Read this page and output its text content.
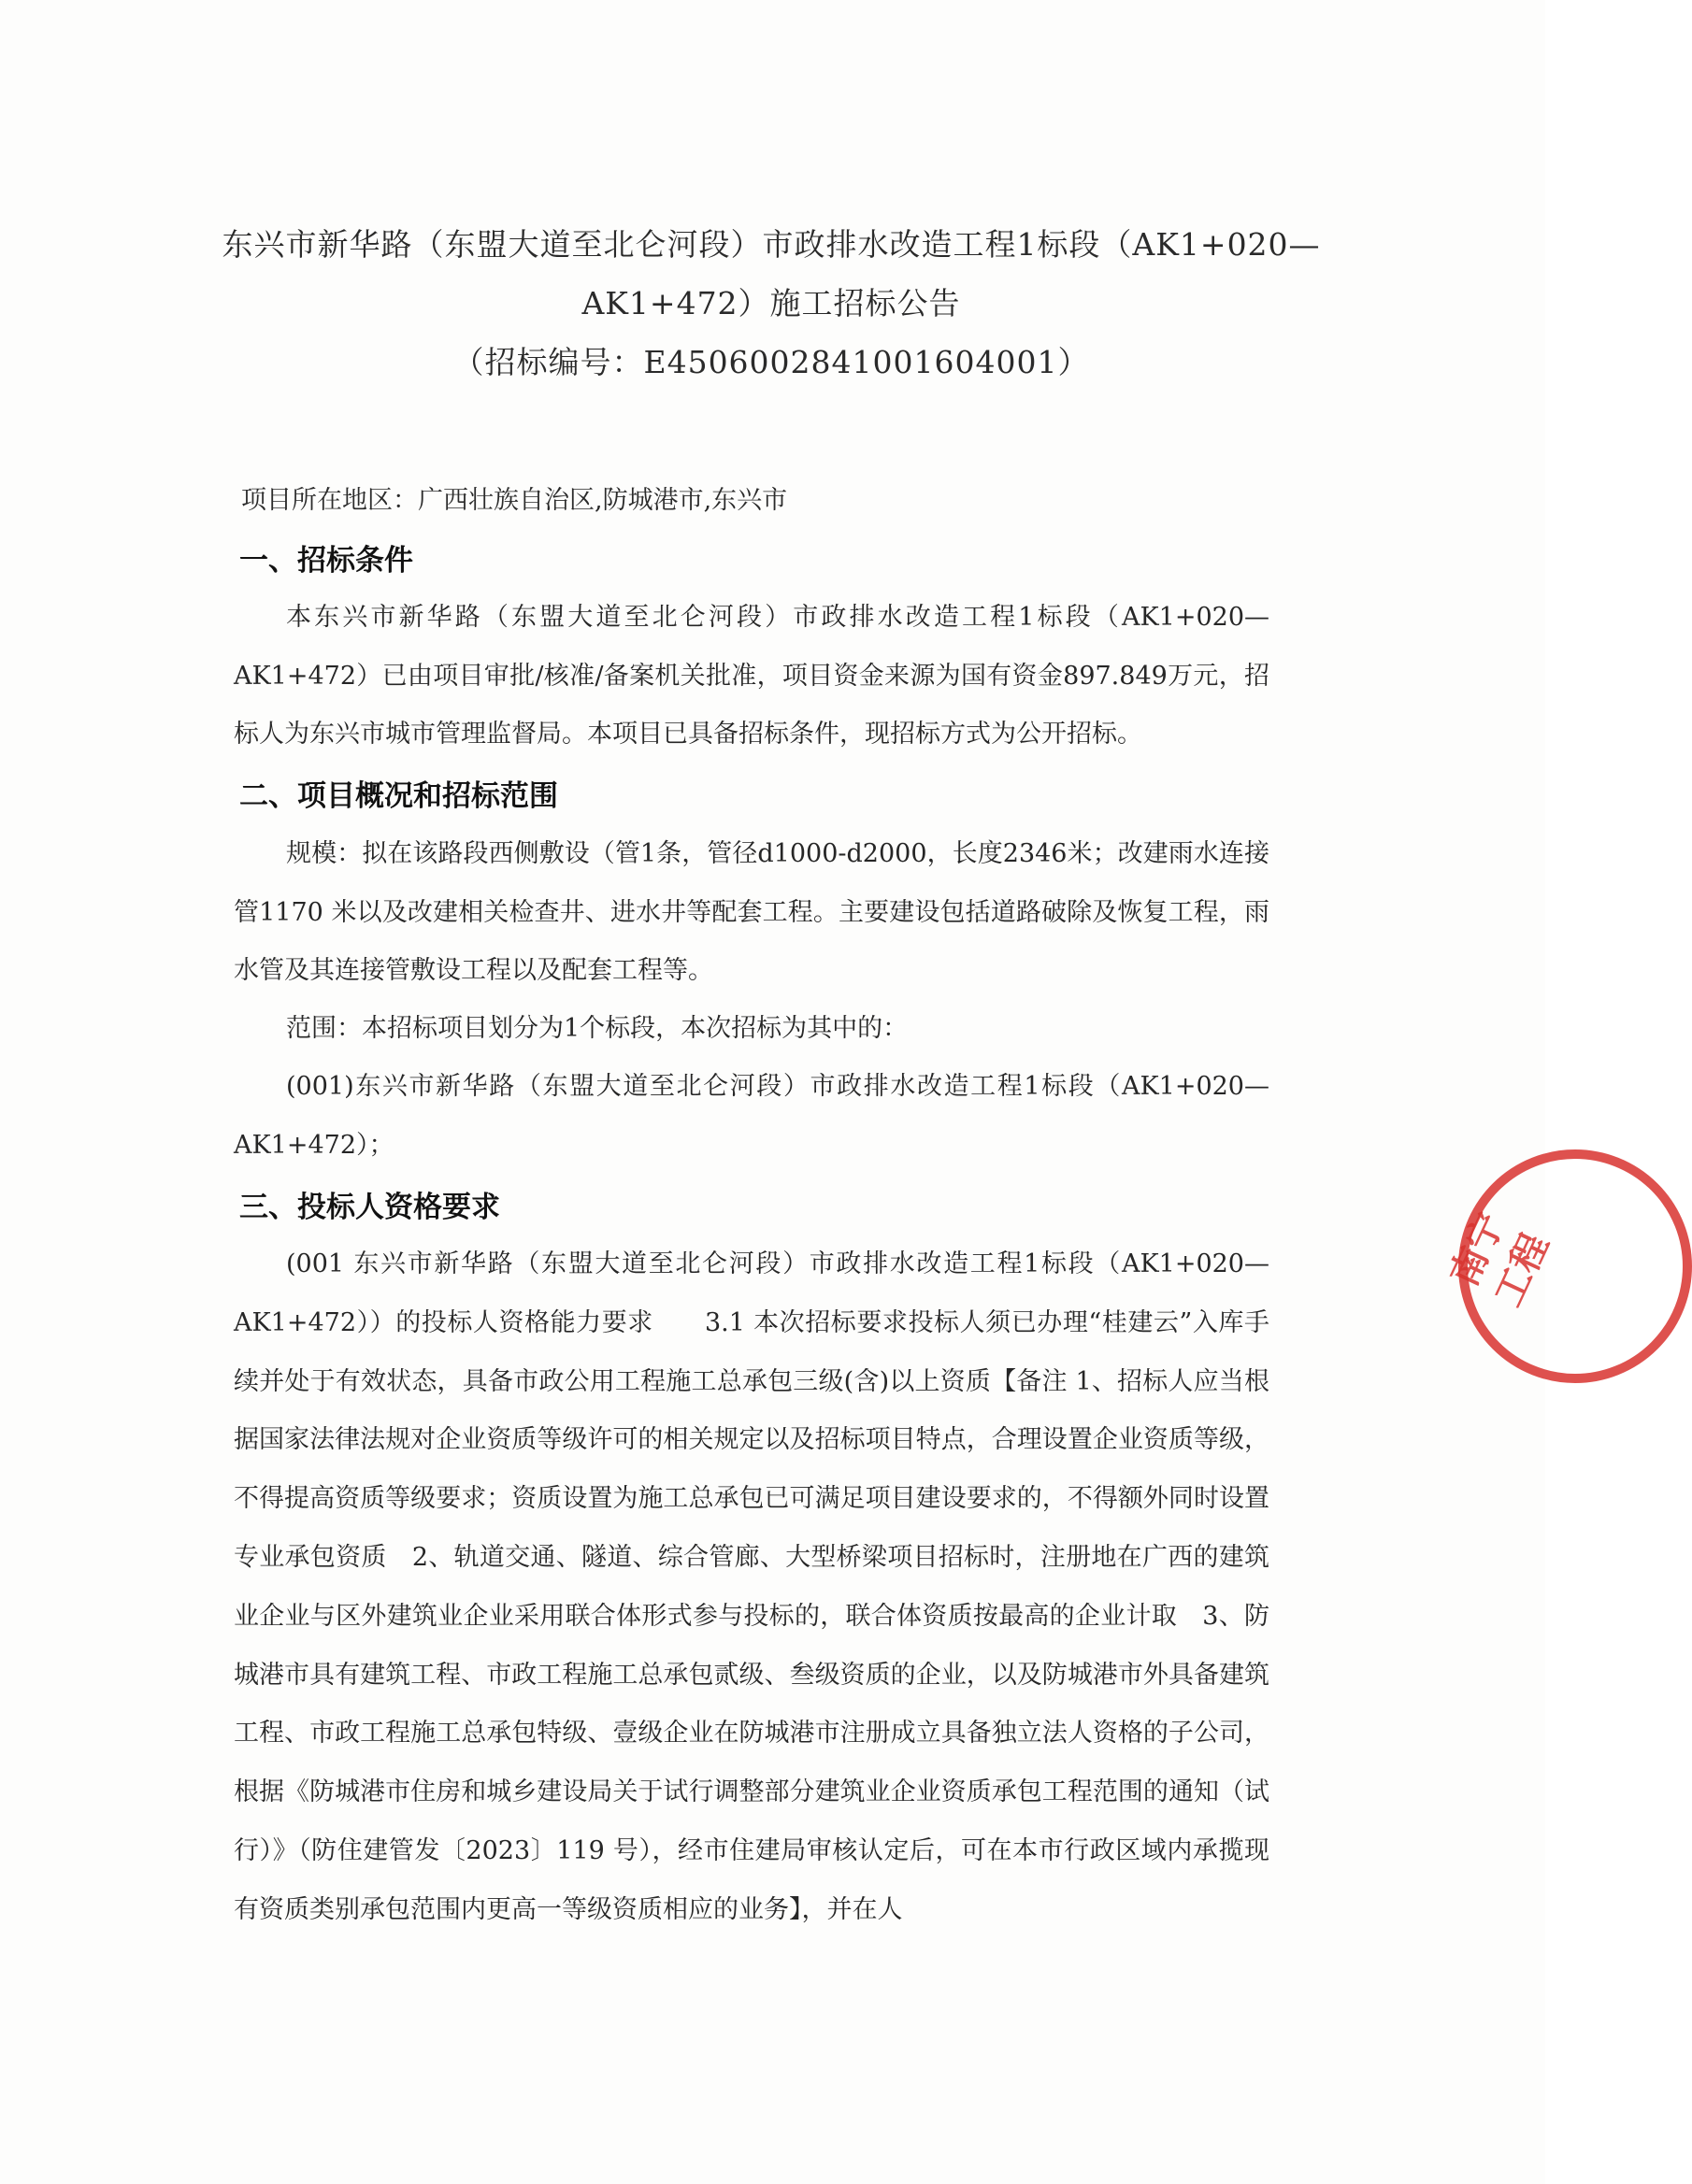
东兴市新华路（东盟大道至北仑河段）市政排水改造工程1标段（AK1+020—
AK1+472）施工招标公告
（招标编号：E4506002841001604001）
项目所在地区：广西壮族自治区,防城港市,东兴市
一、招标条件
本东兴市新华路（东盟大道至北仑河段）市政排水改造工程1标段（AK1+020—AK1+472）已由项目审批/核准/备案机关批准，项目资金来源为国有资金897.849万元，招标人为东兴市城市管理监督局。本项目已具备招标条件，现招标方式为公开招标。
二、项目概况和招标范围
规模：拟在该路段西侧敷设（管1条，管径d1000-d2000，长度2346米；改建雨水连接管1170 米以及改建相关检查井、进水井等配套工程。主要建设包括道路破除及恢复工程，雨水管及其连接管敷设工程以及配套工程等。
范围：本招标项目划分为1个标段，本次招标为其中的：
(001)东兴市新华路（东盟大道至北仑河段）市政排水改造工程1标段（AK1+020—AK1+472）；
三、投标人资格要求
(001 东兴市新华路（东盟大道至北仑河段）市政排水改造工程1标段（AK1+020—AK1+472））的投标人资格能力要求　　3.1 本次招标要求投标人须已办理“桂建云”入库手续并处于有效状态，具备市政公用工程施工总承包三级(含)以上资质【备注 1、招标人应当根据国家法律法规对企业资质等级许可的相关规定以及招标项目特点，合理设置企业资质等级，不得提高资质等级要求；资质设置为施工总承包已可满足项目建设要求的，不得额外同时设置专业承包资质　2、轨道交通、隧道、综合管廊、大型桥梁项目招标时，注册地在广西的建筑业企业与区外建筑业企业采用联合体形式参与投标的，联合体资质按最高的企业计取　3、防城港市具有建筑工程、市政工程施工总承包贰级、叁级资质的企业，以及防城港市外具备建筑工程、市政工程施工总承包特级、壹级企业在防城港市注册成立具备独立法人资格的子公司，根据《防城港市住房和城乡建设局关于试行调整部分建筑业企业资质承包工程范围的通知（试行）》（防住建管发〔2023〕119 号），经市住建局审核认定后，可在本市行政区域内承揽现有资质类别承包范围内更高一等级资质相应的业务】，并在人
南宁
工程
